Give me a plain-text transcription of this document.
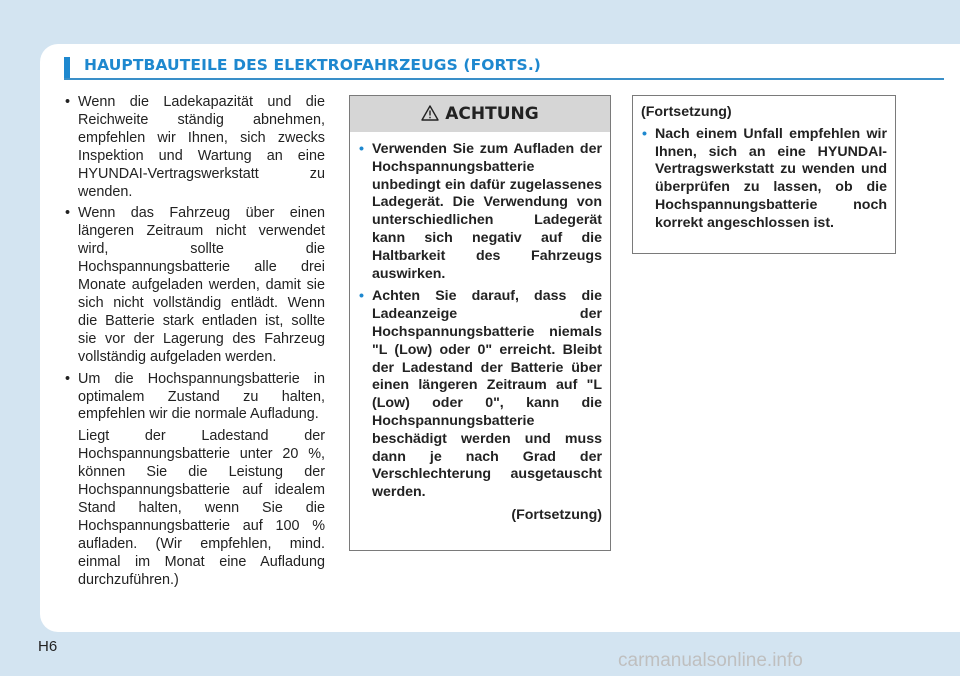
HAUPTBAUTEILE DES ELEKTROFAHRZEUGS (FORTS.)
• Wenn die Ladekapazität und die Reichweite ständig abnehmen, empfehlen wir Ihnen, sich zwecks Inspektion und Wartung an eine HYUNDAI-Vertragswerkstatt zu wenden.
• Wenn das Fahrzeug über einen längeren Zeitraum nicht verwendet wird, sollte die Hochspannungsbatterie alle drei Monate aufgeladen werden, damit sie sich nicht vollständig entlädt. Wenn die Batterie stark entladen ist, sollte sie vor der Lagerung des Fahrzeug vollständig aufgeladen werden.
• Um die Hochspannungsbatterie in optimalem Zustand zu halten, empfehlen wir die normale Aufladung.

Liegt der Ladestand der Hochspannungsbatterie unter 20 %, können Sie die Leistung der Hochspannungsbatterie auf idealem Stand halten, wenn Sie die Hochspannungsbatterie auf 100 % aufladen. (Wir empfehlen, mind. einmal im Monat eine Aufladung durchzuführen.)

ACHTUNG
• Verwenden Sie zum Aufladen der Hochspannungsbatterie unbedingt ein dafür zugelassenes Ladegerät. Die Verwendung von unterschiedlichen Ladegerät kann sich negativ auf die Haltbarkeit des Fahrzeugs auswirken.
• Achten Sie darauf, dass die Ladeanzeige der Hochspannungsbatterie niemals "L (Low) oder 0" erreicht. Bleibt der Ladestand der Batterie über einen längeren Zeitraum auf "L (Low) oder 0", kann die Hochspannungsbatterie beschädigt werden und muss dann je nach Grad der Verschlechterung ausgetauscht werden.
(Fortsetzung)
(Fortsetzung)
• Nach einem Unfall empfehlen wir Ihnen, sich an eine HYUNDAI-Vertragswerkstatt zu wenden und überprüfen zu lassen, ob die Hochspannungsbatterie noch korrekt angeschlossen ist.
H6
carmanualsonline.info
